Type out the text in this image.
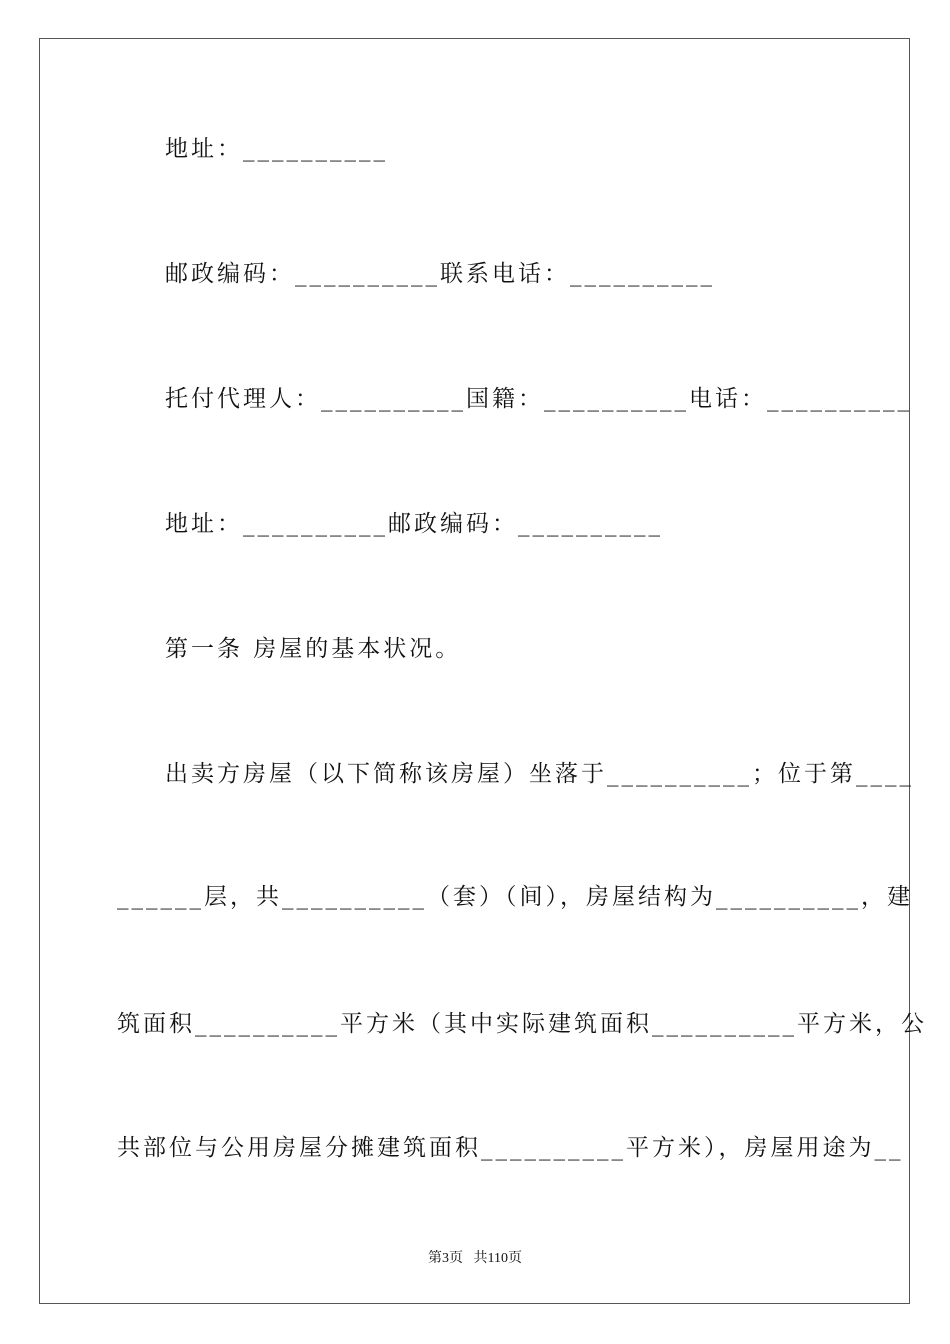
地址：__________
邮政编码：__________联系电话：__________
托付代理人：__________国籍：__________电话：__________
地址：__________邮政编码：__________
第一条 房屋的基本状况。
出卖方房屋（以下简称该房屋）坐落于__________；位于第____
______层，共__________（套）（间），房屋结构为__________，建
筑面积__________平方米（其中实际建筑面积__________平方米，公
共部位与公用房屋分摊建筑面积__________平方米），房屋用途为__
第3页   共110页
